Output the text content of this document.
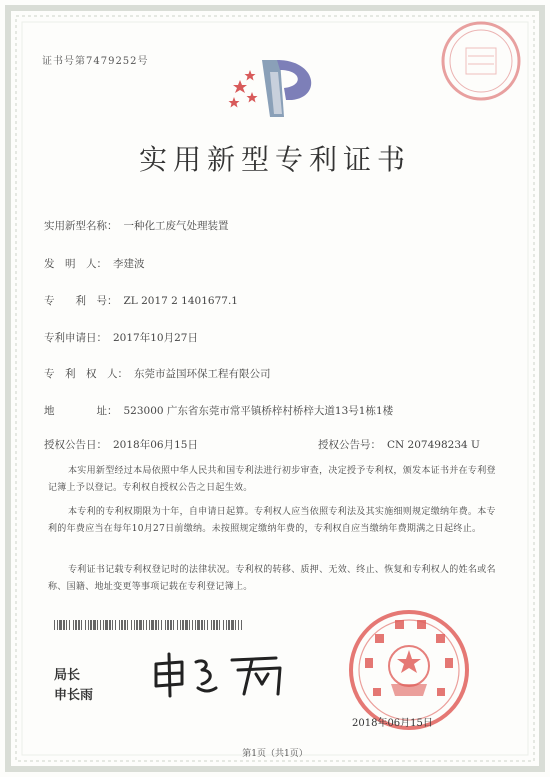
证书号第7479252号
实用新型专利证书
实用新型名称： 一种化工废气处理装置
发　明　人： 李建波
专　　利　号： ZL 2017 2 1401677.1
专利申请日： 2017年10月27日
专　利　权　人： 东莞市益国环保工程有限公司
地　　　　址： 523000 广东省东莞市常平镇桥梓村桥梓大道13号1栋1楼
授权公告日： 2018年06月15日	授权公告号： CN 207498234 U
本实用新型经过本局依照中华人民共和国专利法进行初步审查，决定授予专利权，颁发本证书并在专利登记簿上予以登记。专利权自授权公告之日起生效。
本专利的专利权期限为十年，自申请日起算。专利权人应当依照专利法及其实施细则规定缴纳年费。本专利的年费应当在每年10月27日前缴纳。未按照规定缴纳年费的，专利权自应当缴纳年费期满之日起终止。
专利证书记载专利权登记时的法律状况。专利权的转移、质押、无效、终止、恢复和专利权人的姓名或名称、国籍、地址变更等事项记载在专利登记簿上。
局长
申长雨
2018年06月15日
第1页（共1页）
